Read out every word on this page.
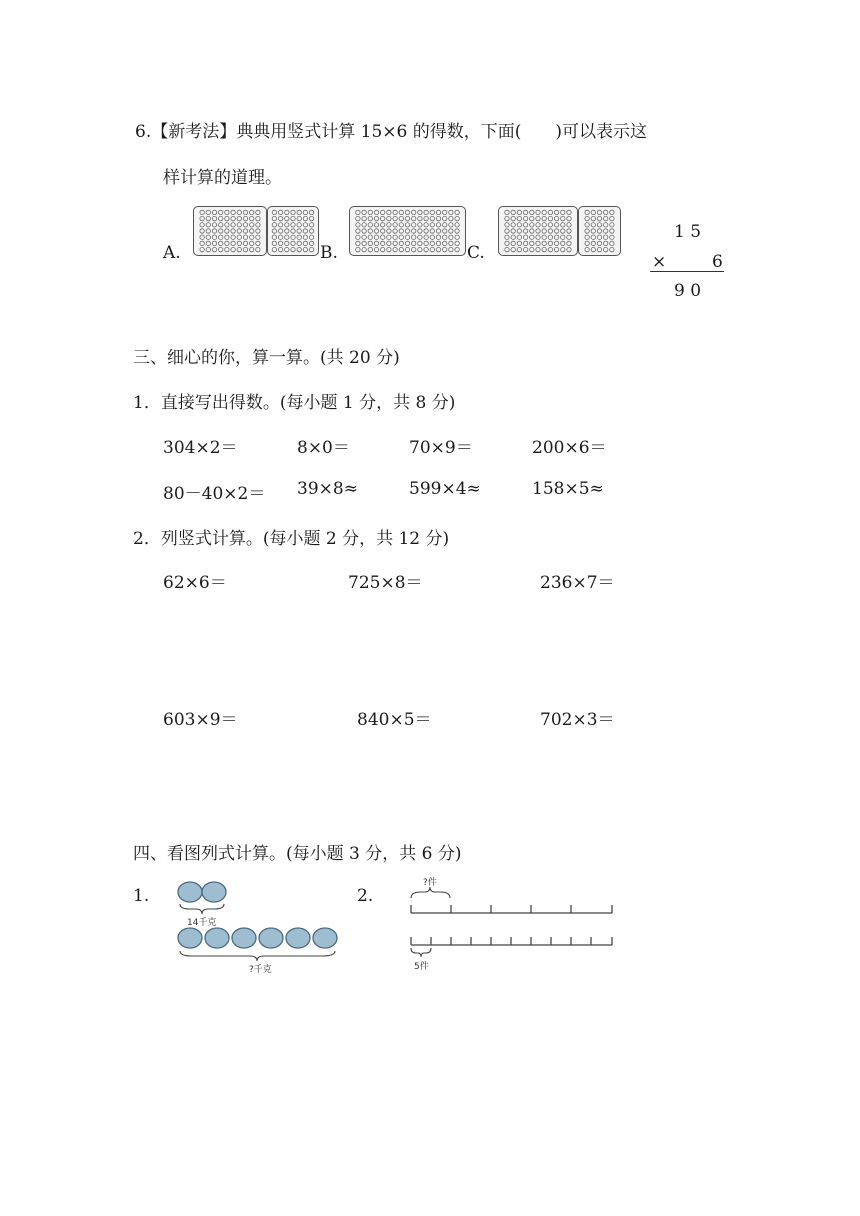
6.【新考法】典典用竖式计算 15×6 的得数，下面(　　)可以表示这
样计算的道理。
A.	B.	C.
1 5
×	6
9 0
三、细心的你，算一算。(共 20 分)
1．直接写出得数。(每小题 1 分，共 8 分)
304×2＝	8×0＝	70×9＝	200×6＝
80－40×2＝ 39×8≈	599×4≈	158×5≈
2．列竖式计算。(每小题 2 分，共 12 分)
62×6＝	725×8＝	236×7＝
603×9＝	840×5＝	702×3＝
四、看图列式计算。(每小题 3 分，共 6 分)
1.
14千克
?千克
2.
?件
5件
